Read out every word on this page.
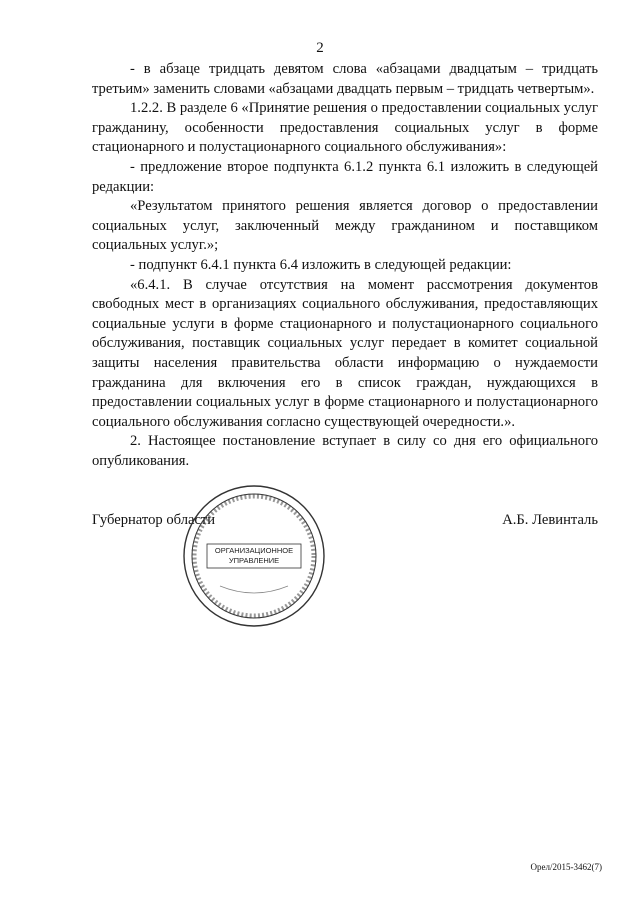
2

- в абзаце тридцать девятом слова «абзацами двадцатым – тридцать третьим» заменить словами «абзацами двадцать первым – тридцать четвертым».

1.2.2. В разделе 6 «Принятие решения о предоставлении социальных услуг гражданину, особенности предоставления социальных услуг в форме стационарного и полустационарного социального обслуживания»:

- предложение второе подпункта 6.1.2 пункта 6.1 изложить в следующей редакции:

«Результатом принятого решения является договор о предоставлении социальных услуг, заключенный между гражданином и поставщиком социальных услуг.»;

- подпункт 6.4.1 пункта 6.4 изложить в следующей редакции:

«6.4.1. В случае отсутствия на момент рассмотрения документов свободных мест в организациях социального обслуживания, предоставляющих социальные услуги в форме стационарного и полустационарного социального обслуживания, поставщик социальных услуг передает в комитет социальной защиты населения правительства области информацию о нуждаемости гражданина для включения его в список граждан, нуждающихся в предоставлении социальных услуг в форме стационарного и полустационарного социального обслуживания согласно существующей очередности.».

2. Настоящее постановление вступает в силу со дня его официального опубликования.

Губернатор области	А.Б. Левинталь
ОРГАНИЗАЦИОННОЕ
УПРАВЛЕНИЕ
Орел/2015-3462(7)
